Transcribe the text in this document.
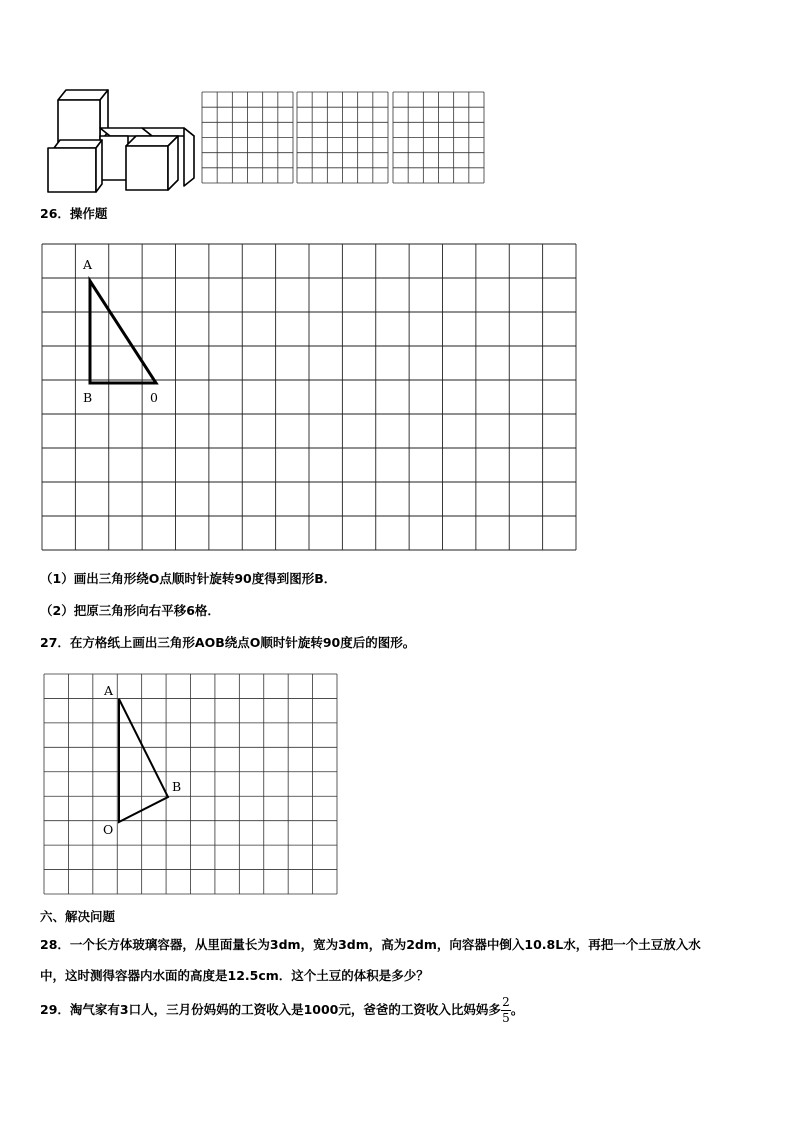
26．操作题
A
B	0
（1）画出三角形绕O点顺时针旋转90度得到图形B．
（2）把原三角形向右平移6格．
27．在方格纸上画出三角形AOB绕点O顺时针旋转90度后的图形。
A
B
O
六、解决问题
28．一个长方体玻璃容器，从里面量长为3dm，宽为3dm，高为2dm，向容器中倒入10.8L水，再把一个土豆放入水
中，这时测得容器内水面的高度是12.5cm．这个土豆的体积是多少？
29．淘气家有3口人，三月份妈妈的工资收入是1000元，爸爸的工资收入比妈妈多 $\frac{2}{5}$ 。
